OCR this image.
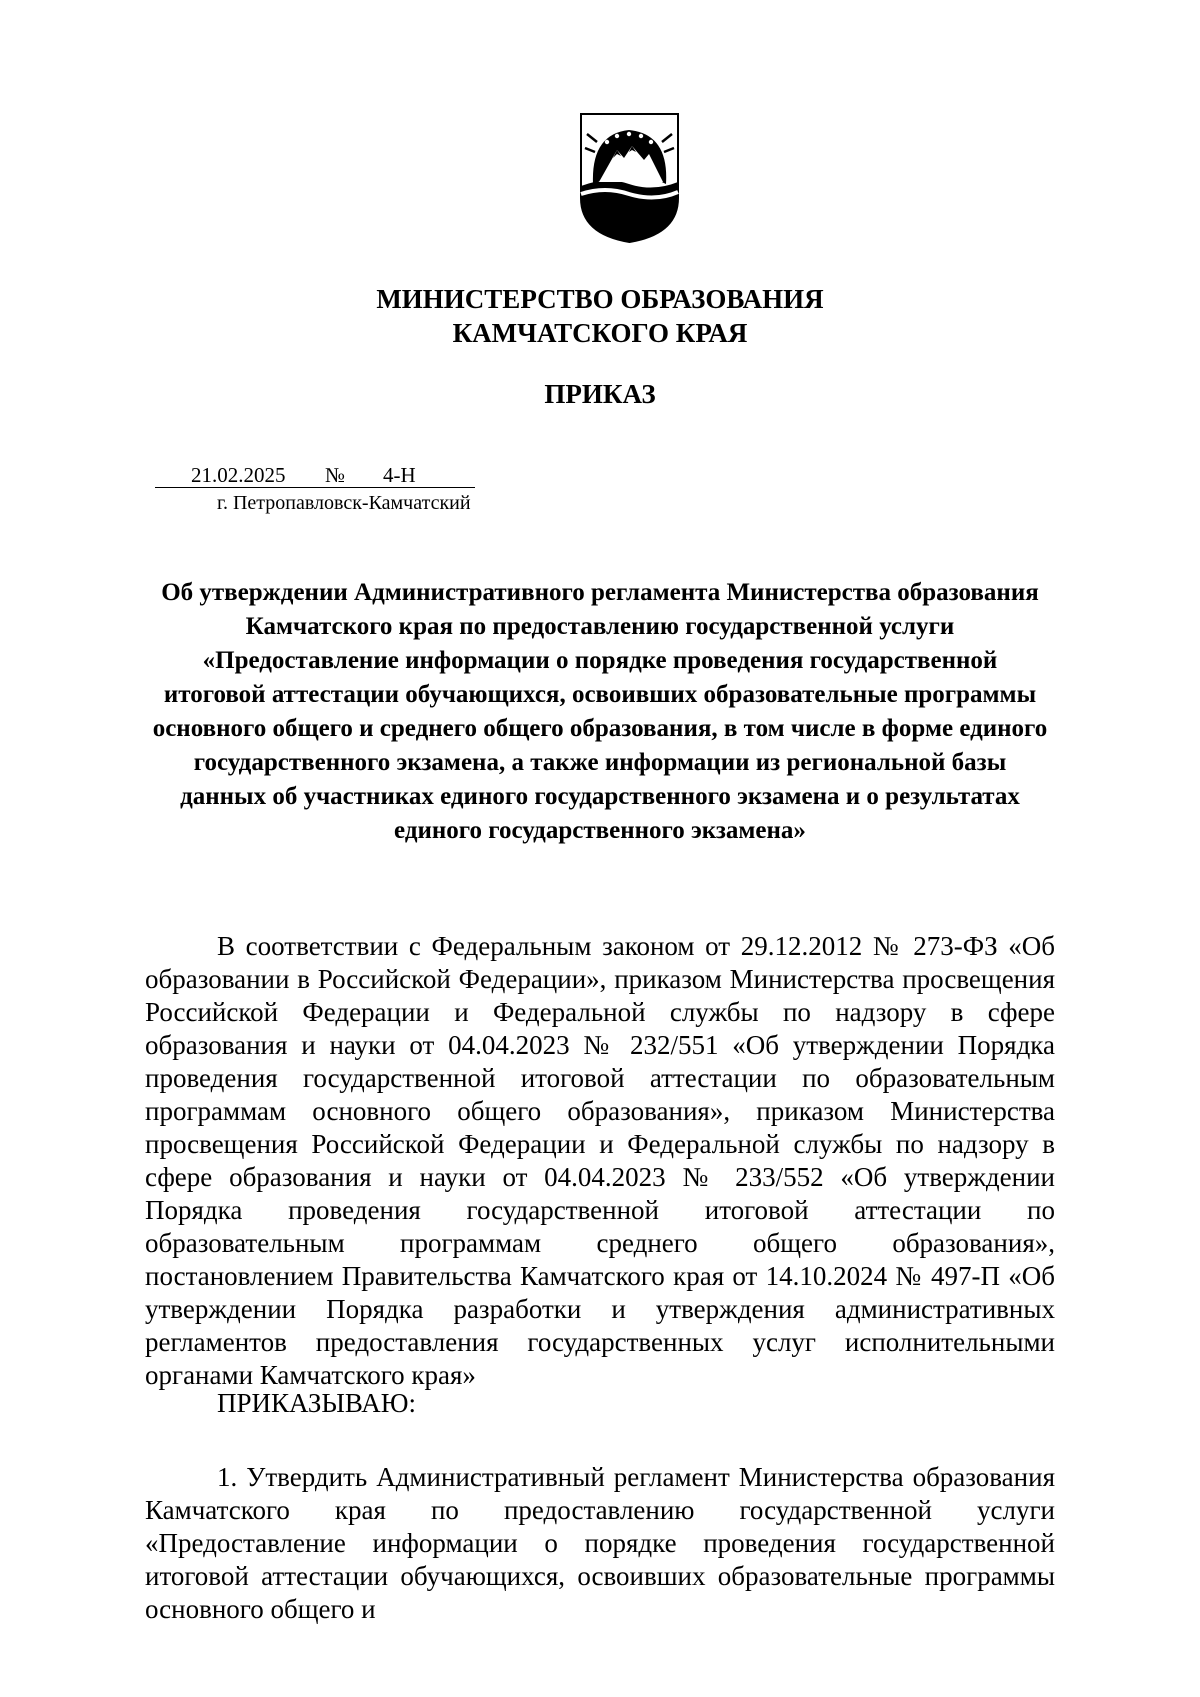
МИНИСТЕРСТВО ОБРАЗОВАНИЯ
КАМЧАТСКОГО КРАЯ
ПРИКАЗ
21.02.2025	№	4-Н
г. Петропавловск-Камчатский
Об утверждении Административного регламента Министерства образования Камчатского края по предоставлению государственной услуги «Предоставление информации о порядке проведения государственной итоговой аттестации обучающихся, освоивших образовательные программы основного общего и среднего общего образования, в том числе в форме единого государственного экзамена, а также информации из региональной базы данных об участниках единого государственного экзамена и о результатах единого государственного экзамена»
В соответствии с Федеральным законом от 29.12.2012 № 273-ФЗ «Об образовании в Российской Федерации», приказом Министерства просвещения Российской Федерации и Федеральной службы по надзору в сфере образования и науки от 04.04.2023 № 232/551 «Об утверждении Порядка проведения государственной итоговой аттестации по образовательным программам основного общего образования», приказом Министерства просвещения Российской Федерации и Федеральной службы по надзору в сфере образования и науки от 04.04.2023 № 233/552 «Об утверждении Порядка проведения государственной итоговой аттестации по образовательным программам среднего общего образования», постановлением Правительства Камчатского края от 14.10.2024 № 497-П «Об утверждении Порядка разработки и утверждения административных регламентов предоставления государственных услуг исполнительными органами Камчатского края»
ПРИКАЗЫВАЮ:
1. Утвердить Административный регламент Министерства образования Камчатского края по предоставлению государственной услуги «Предоставление информации о порядке проведения государственной итоговой аттестации обучающихся, освоивших образовательные программы основного общего и
